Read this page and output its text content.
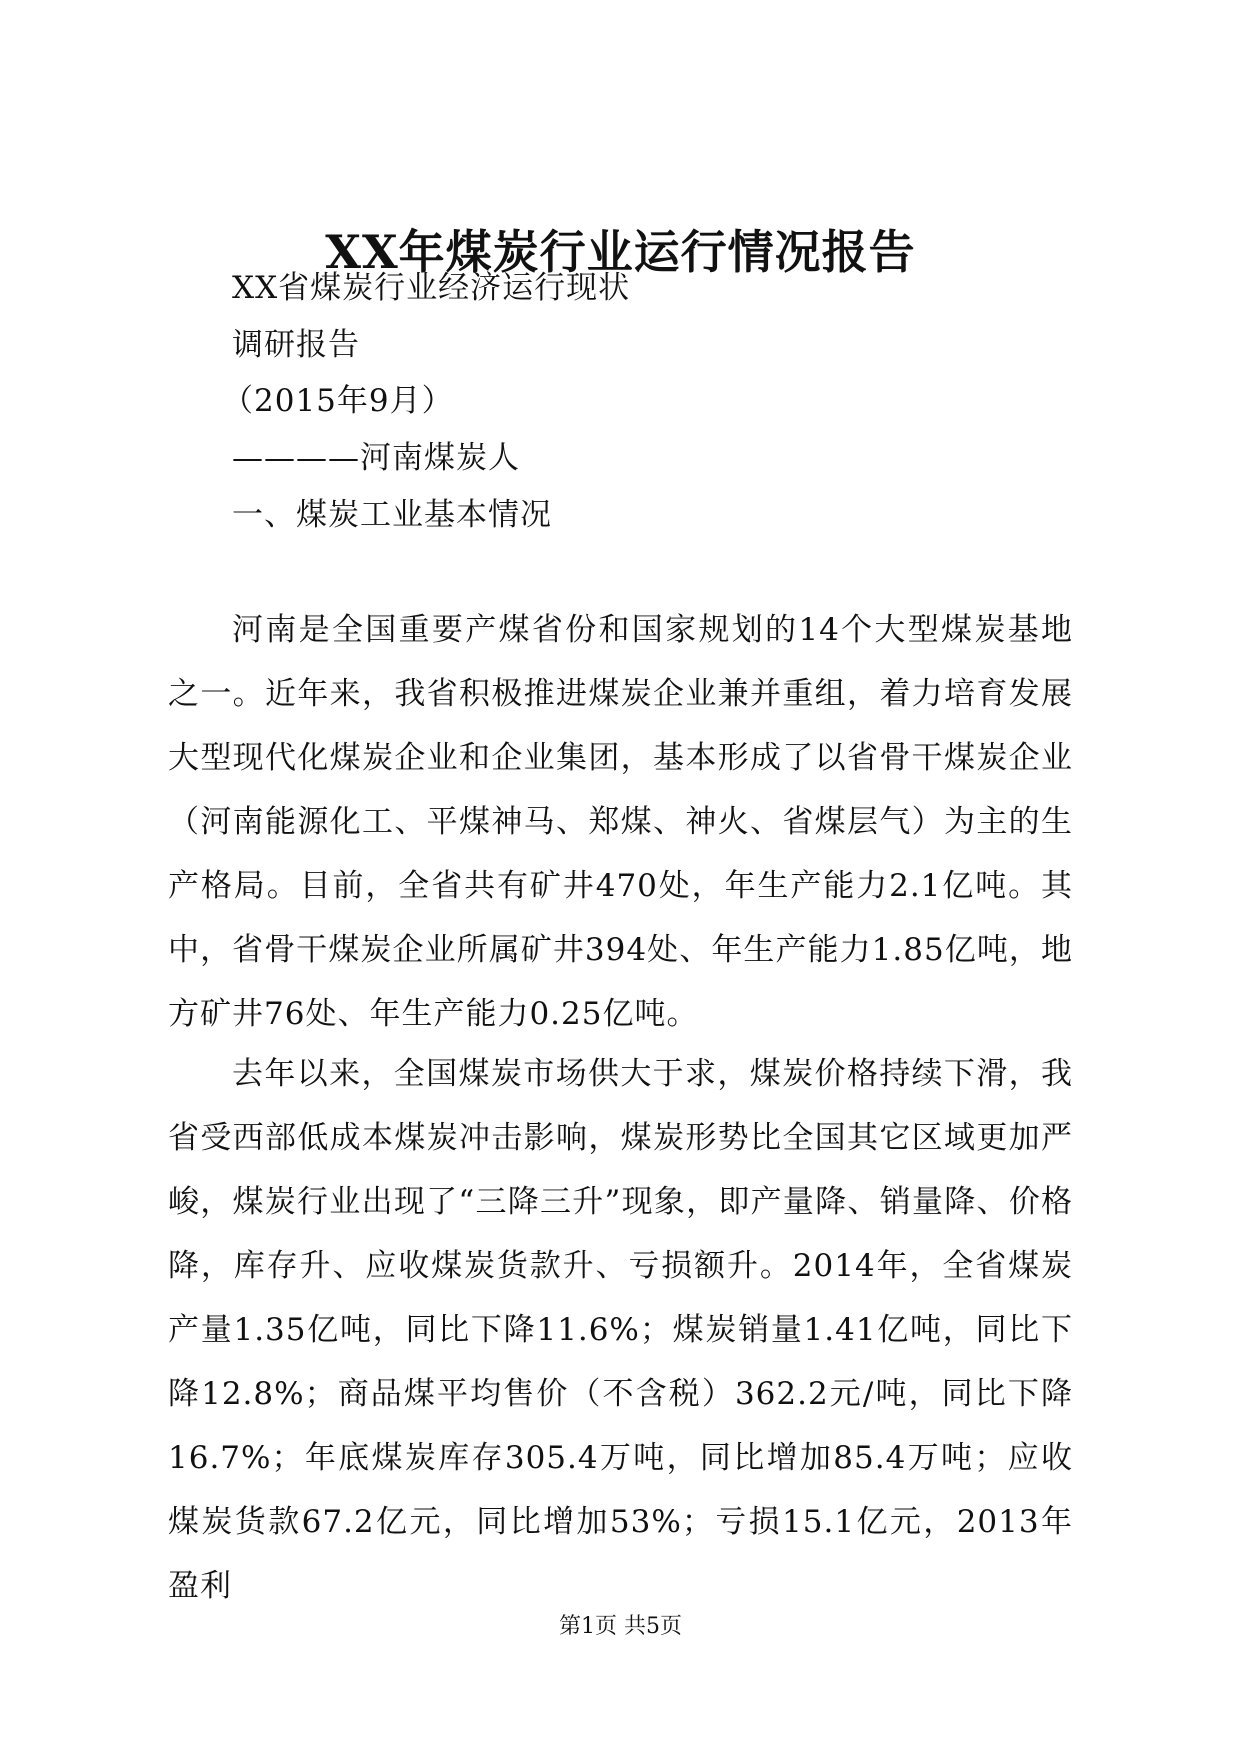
XX年煤炭行业运行情况报告
XX省煤炭行业经济运行现状
调研报告
（2015年9月）
————河南煤炭人
一、煤炭工业基本情况
河南是全国重要产煤省份和国家规划的14个大型煤炭基地之一。近年来，我省积极推进煤炭企业兼并重组，着力培育发展大型现代化煤炭企业和企业集团，基本形成了以省骨干煤炭企业（河南能源化工、平煤神马、郑煤、神火、省煤层气）为主的生产格局。目前，全省共有矿井470处，年生产能力2.1亿吨。其中，省骨干煤炭企业所属矿井394处、年生产能力1.85亿吨，地方矿井76处、年生产能力0.25亿吨。
去年以来，全国煤炭市场供大于求，煤炭价格持续下滑，我省受西部低成本煤炭冲击影响，煤炭形势比全国其它区域更加严峻，煤炭行业出现了“三降三升”现象，即产量降、销量降、价格降，库存升、应收煤炭货款升、亏损额升。2014年，全省煤炭产量1.35亿吨，同比下降11.6%；煤炭销量1.41亿吨，同比下降12.8%；商品煤平均售价（不含税）362.2元/吨，同比下降16.7%；年底煤炭库存305.4万吨，同比增加85.4万吨；应收煤炭货款67.2亿元，同比增加53%；亏损15.1亿元，2013年盈利
第1页 共5页
